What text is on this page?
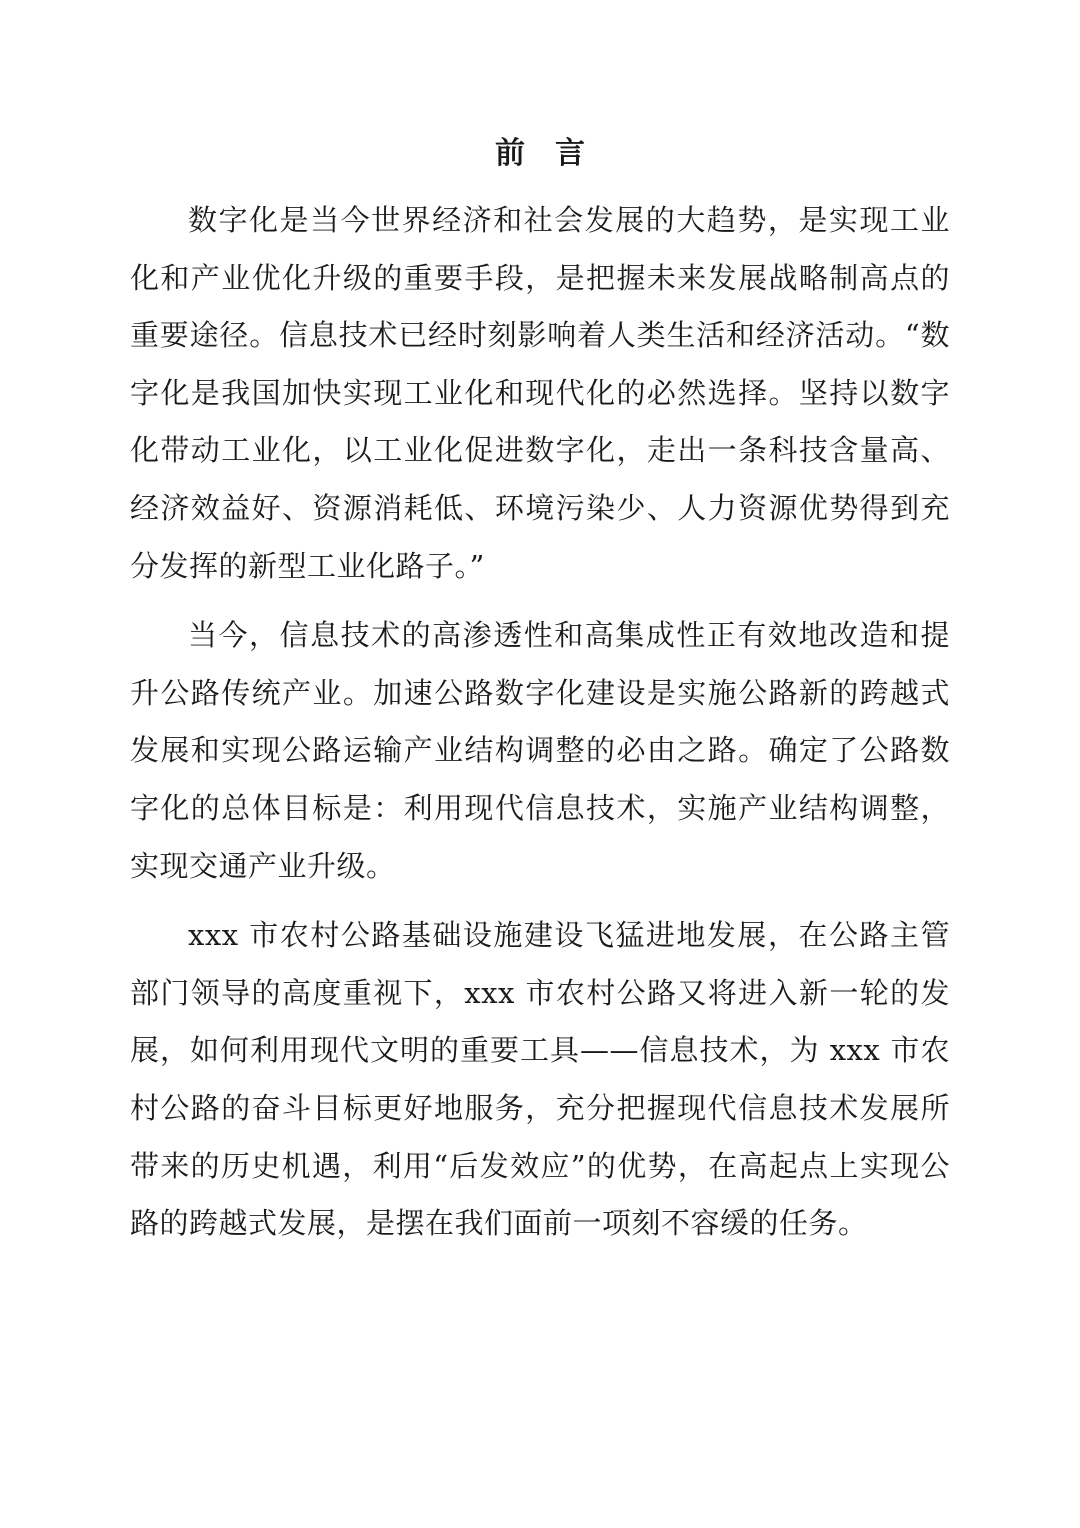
前言

数字化是当今世界经济和社会发展的大趋势，是实现工业化和产业优化升级的重要手段，是把握未来发展战略制高点的重要途径。信息技术已经时刻影响着人类生活和经济活动。“数字化是我国加快实现工业化和现代化的必然选择。坚持以数字化带动工业化，以工业化促进数字化，走出一条科技含量高、经济效益好、资源消耗低、环境污染少、人力资源优势得到充分发挥的新型工业化路子。”

当今，信息技术的高渗透性和高集成性正有效地改造和提升公路传统产业。加速公路数字化建设是实施公路新的跨越式发展和实现公路运输产业结构调整的必由之路。确定了公路数字化的总体目标是：利用现代信息技术，实施产业结构调整，实现交通产业升级。

xxx 市农村公路基础设施建设飞猛进地发展，在公路主管部门领导的高度重视下，xxx 市农村公路又将进入新一轮的发展，如何利用现代文明的重要工具——信息技术，为 xxx 市农村公路的奋斗目标更好地服务，充分把握现代信息技术发展所带来的历史机遇，利用“后发效应”的优势，在高起点上实现公路的跨越式发展，是摆在我们面前一项刻不容缓的任务。
